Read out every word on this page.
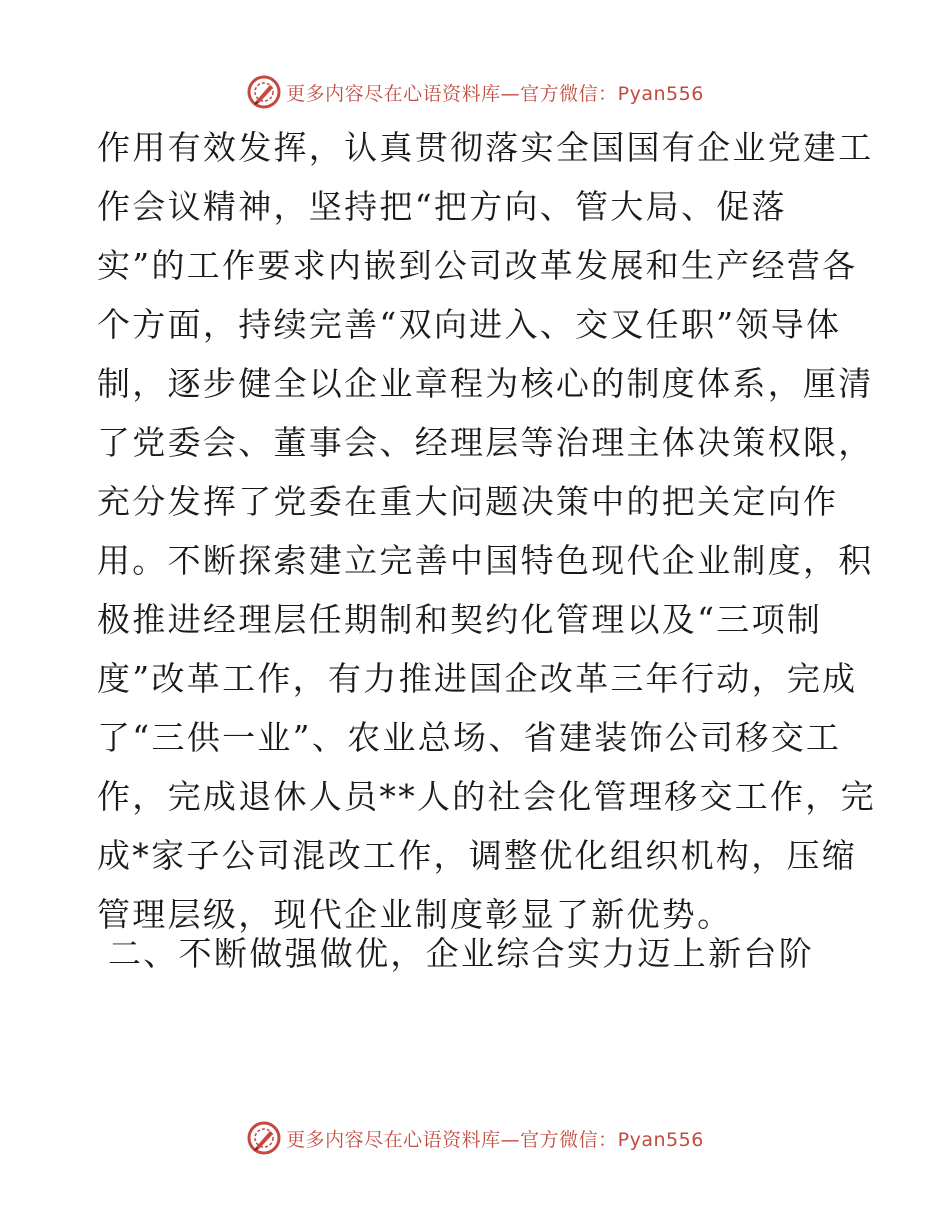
更多内容尽在心语资料库—官方微信：Pyan556
作用有效发挥，认真贯彻落实全国国有企业党建工
作会议精神，坚持把“把方向、管大局、促落
实”的工作要求内嵌到公司改革发展和生产经营各
个方面，持续完善“双向进入、交叉任职”领导体
制，逐步健全以企业章程为核心的制度体系，厘清
了党委会、董事会、经理层等治理主体决策权限，
充分发挥了党委在重大问题决策中的把关定向作
用。不断探索建立完善中国特色现代企业制度，积
极推进经理层任期制和契约化管理以及“三项制
度”改革工作，有力推进国企改革三年行动，完成
了“三供一业”、农业总场、省建装饰公司移交工
作，完成退休人员**人的社会化管理移交工作，完
成*家子公司混改工作，调整优化组织机构，压缩
管理层级，现代企业制度彰显了新优势。
二、不断做强做优，企业综合实力迈上新台阶
更多内容尽在心语资料库—官方微信：Pyan556
